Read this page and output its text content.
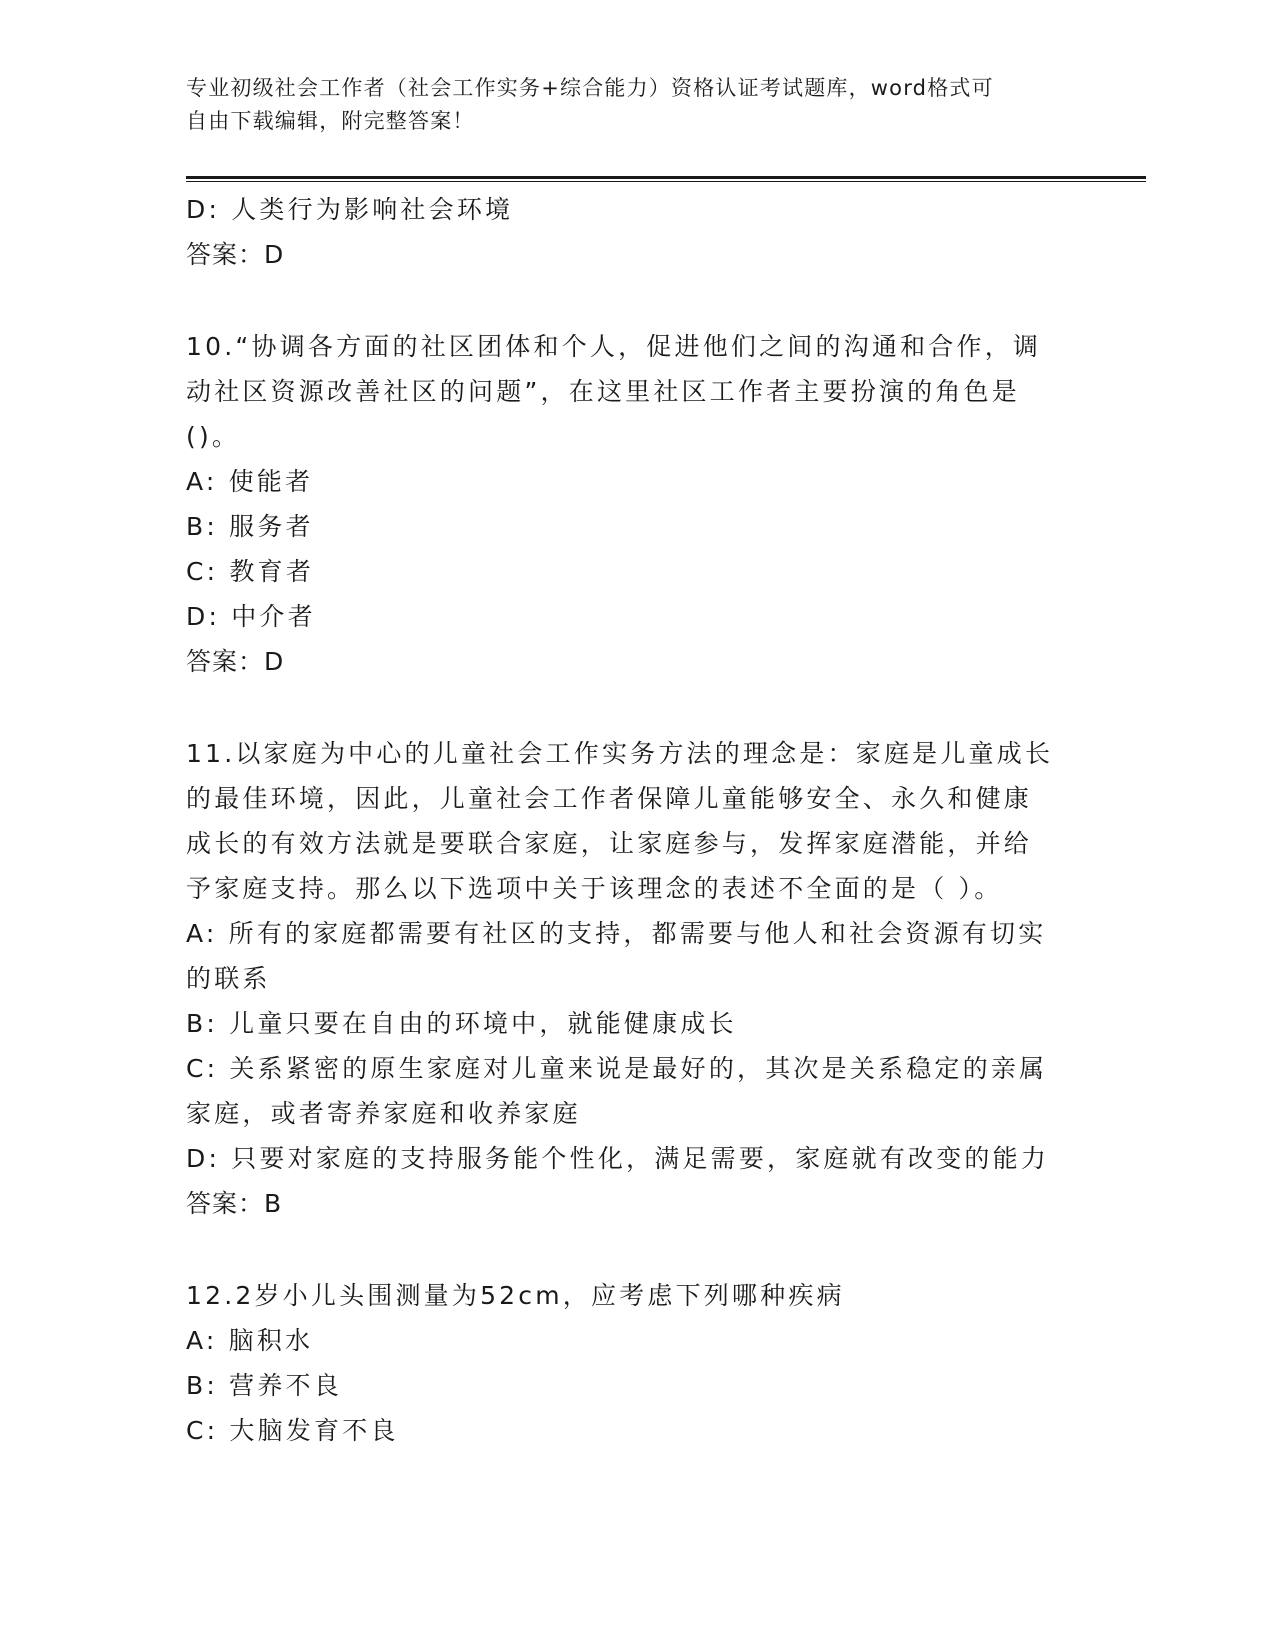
专业初级社会工作者（社会工作实务+综合能力）资格认证考试题库，word格式可
自由下载编辑，附完整答案！
D: 人类行为影响社会环境
答案：D
10.“协调各方面的社区团体和个人，促进他们之间的沟通和合作，调
动社区资源改善社区的问题”，在这里社区工作者主要扮演的角色是
()。
A: 使能者
B: 服务者
C: 教育者
D: 中介者
答案：D
11.以家庭为中心的儿童社会工作实务方法的理念是：家庭是儿童成长
的最佳环境，因此，儿童社会工作者保障儿童能够安全、永久和健康
成长的有效方法就是要联合家庭，让家庭参与，发挥家庭潜能，并给
予家庭支持。那么以下选项中关于该理念的表述不全面的是（ ）。
A: 所有的家庭都需要有社区的支持，都需要与他人和社会资源有切实
的联系
B: 儿童只要在自由的环境中，就能健康成长
C: 关系紧密的原生家庭对儿童来说是最好的，其次是关系稳定的亲属
家庭，或者寄养家庭和收养家庭
D: 只要对家庭的支持服务能个性化，满足需要，家庭就有改变的能力
答案：B
12.2岁小儿头围测量为52cm，应考虑下列哪种疾病
A: 脑积水
B: 营养不良
C: 大脑发育不良
